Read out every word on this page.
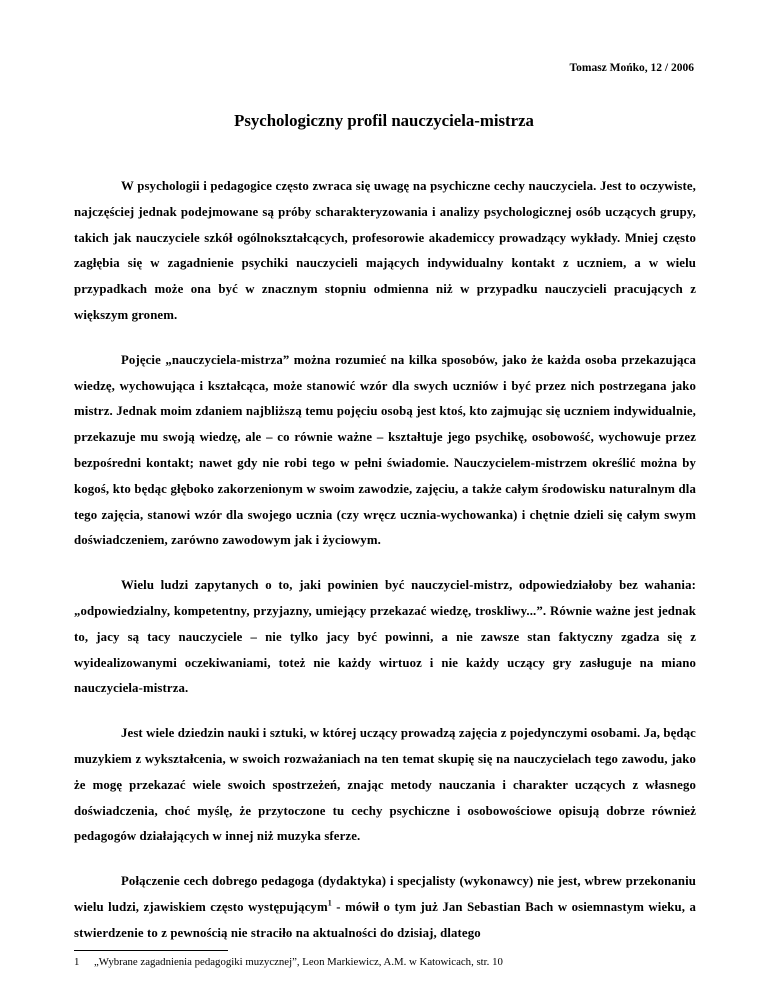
Tomasz Mońko, 12 / 2006
Psychologiczny profil nauczyciela-mistrza

W psychologii i pedagogice często zwraca się uwagę na psychiczne cechy nauczyciela. Jest to oczywiste, najczęściej jednak podejmowane są próby scharakteryzowania i analizy psychologicznej osób uczących grupy, takich jak nauczyciele szkół ogólnokształcących, profesorowie akademiccy prowadzący wykłady. Mniej często zagłębia się w zagadnienie psychiki nauczycieli mających indywidualny kontakt z uczniem, a w wielu przypadkach może ona być w znacznym stopniu odmienna niż w przypadku nauczycieli pracujących z większym gronem.

Pojęcie „nauczyciela-mistrza” można rozumieć na kilka sposobów, jako że każda osoba przekazująca wiedzę, wychowująca i kształcąca, może stanowić wzór dla swych uczniów i być przez nich postrzegana jako mistrz. Jednak moim zdaniem najbliższą temu pojęciu osobą jest ktoś, kto zajmując się uczniem indywidualnie, przekazuje mu swoją wiedzę, ale – co równie ważne – kształtuje jego psychikę, osobowość, wychowuje przez bezpośredni kontakt; nawet gdy nie robi tego w pełni świadomie. Nauczycielem-mistrzem określić można by kogoś, kto będąc głęboko zakorzenionym w swoim zawodzie, zajęciu, a także całym środowisku naturalnym dla tego zajęcia, stanowi wzór dla swojego ucznia (czy wręcz ucznia-wychowanka) i chętnie dzieli się całym swym doświadczeniem, zarówno zawodowym jak i życiowym.

Wielu ludzi zapytanych o to, jaki powinien być nauczyciel-mistrz, odpowiedziałoby bez wahania: „odpowiedzialny, kompetentny, przyjazny, umiejący przekazać wiedzę, troskliwy...”. Równie ważne jest jednak to, jacy są tacy nauczyciele – nie tylko jacy być powinni, a nie zawsze stan faktyczny zgadza się z wyidealizowanymi oczekiwaniami, toteż nie każdy wirtuoz i nie każdy uczący gry zasługuje na miano nauczyciela-mistrza.

Jest wiele dziedzin nauki i sztuki, w której uczący prowadzą zajęcia z pojedynczymi osobami. Ja, będąc muzykiem z wykształcenia, w swoich rozważaniach na ten temat skupię się na nauczycielach tego zawodu, jako że mogę przekazać wiele swoich spostrzeżeń, znając metody nauczania i charakter uczących z własnego doświadczenia, choć myślę, że przytoczone tu cechy psychiczne i osobowościowe opisują dobrze również pedagogów działających w innej niż muzyka sferze.

Połączenie cech dobrego pedagoga (dydaktyka) i specjalisty (wykonawcy) nie jest, wbrew przekonaniu wielu ludzi, zjawiskiem często występującym$^1$ - mówił o tym już Jan Sebastian Bach w osiemnastym wieku, a stwierdzenie to z pewnością nie straciło na aktualności do dzisiaj, dlatego

1 „Wybrane zagadnienia pedagogiki muzycznej”, Leon Markiewicz, A.M. w Katowicach, str. 10
